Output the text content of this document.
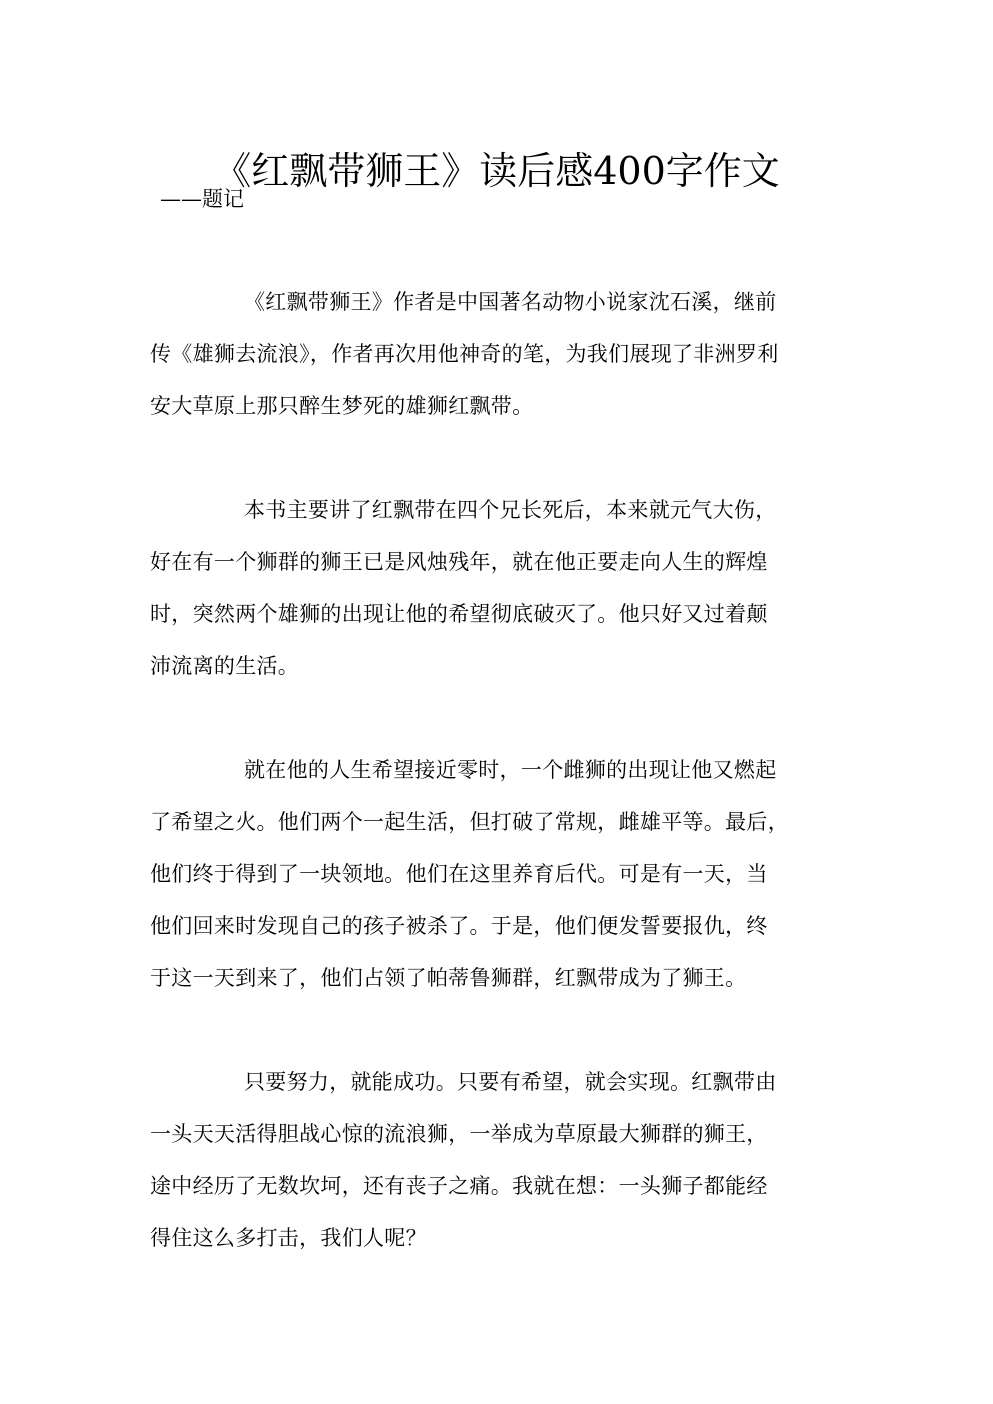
《红飘带狮王》读后感400字作文
——题记
《红飘带狮王》作者是中国著名动物小说家沈石溪，继前
传《雄狮去流浪》，作者再次用他神奇的笔，为我们展现了非洲罗利
安大草原上那只醉生梦死的雄狮红飘带。
本书主要讲了红飘带在四个兄长死后，本来就元气大伤，
好在有一个狮群的狮王已是风烛残年，就在他正要走向人生的辉煌
时，突然两个雄狮的出现让他的希望彻底破灭了。他只好又过着颠
沛流离的生活。
就在他的人生希望接近零时，一个雌狮的出现让他又燃起
了希望之火。他们两个一起生活，但打破了常规，雌雄平等。最后，
他们终于得到了一块领地。他们在这里养育后代。可是有一天，当
他们回来时发现自己的孩子被杀了。于是，他们便发誓要报仇，终
于这一天到来了，他们占领了帕蒂鲁狮群，红飘带成为了狮王。
只要努力，就能成功。只要有希望，就会实现。红飘带由
一头天天活得胆战心惊的流浪狮，一举成为草原最大狮群的狮王，
途中经历了无数坎坷，还有丧子之痛。我就在想：一头狮子都能经
得住这么多打击，我们人呢？
